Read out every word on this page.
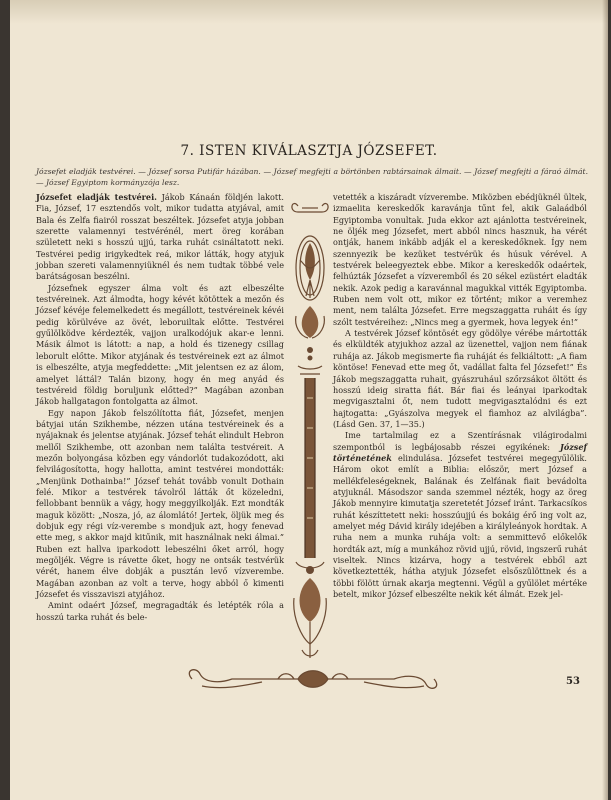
7. ISTEN KIVÁLASZTJA JÓZSEFET.
Józsefet eladják testvérei. — József sorsa Putifár házában. — József megfejti a börtönben rabtársainak álmait. — József megfejti a fáraó álmát. — József Egyiptom kormányzója lesz.

Józsefet eladják testvérei. Jákob Kánaán földjén lakott. Fia, József, 17 esztendős volt, mikor tudatta atyjával, amit Bala és Zelfa fiairól rosszat beszéltek. Józsefet atyja jobban szerette valamennyi testvérénél, mert öreg korában született neki s hosszú ujjú, tarka ruhát csináltatott neki. Testvérei pedig irigykedtek reá, mikor látták, hogy atyjuk jobban szereti valamennyiüknél és nem tudtak többé vele barátságosan beszélni.

Józsefnek egyszer álma volt és azt elbeszélte testvéreinek. Azt álmodta, hogy kévét kötöttek a mezőn és József kévéje felemelkedett és megállott, testvéreinek kévéi pedig körülvéve az övét, leboruiltak előtte. Testvérei gyűlölködve kérdezték, vajjon uralkodójuk akar-e lenni. Másik álmot is látott: a nap, a hold és tizenegy csillag leborult előtte. Mikor atyjának és testvéreinek ezt az álmot is elbeszélte, atyja megfeddette: „Mit jelentsen ez az álom, amelyet láttál? Talán bizony, hogy én meg anyád és testvéreid földig boruljunk előtted?” Magában azonban Jákob hallgatagon fontolgatta az álmot.

Egy napon Jákob felszólította fiát, Józsefet, menjen bátyjai után Szikhembe, nézzen utána testvéreinek és a nyájaknak és jelentse atyjának. József tehát elindult Hebron mellől Szikhembe, ott azonban nem találta testvéreit. A mezőn bolyongása közben egy vándorlót tudakozódott, aki felvilágosította, hogy hallotta, amint testvérei mondották: „Menjünk Dothainba!” József tehát tovább vonult Dothain felé. Mikor a testvérek távolról látták őt közeledni, fellobbant bennük a vágy, hogy meggyilkolják. Ezt mondták maguk között: „Nosza, jó, az álomlátó! Jertek, öljük meg és dobjuk egy régi víz-verembe s mondjuk azt, hogy fenevad ette meg, s akkor majd kitűnik, mit használnak neki álmai.” Ruben ezt hallva iparkodott lebeszélni őket arról, hogy megöljék. Végre is rávette őket, hogy ne ontsák testvérük vérét, hanem élve dobják a pusztán levő vízverembe. Magában azonban az volt a terve, hogy abból ő kimenti Józsefet és visszaviszi atyjához.

Amint odaért József, megragadták és letépték róla a hosszú tarka ruhát és bele-

vetették a kiszáradt vízverembe. Miközben ebédjüknél ültek, izmaelita kereskedők karavánja tűnt fel, akik Galaádból Egyiptomba vonultak. Juda ekkor azt ajánlotta testvéreinek, ne öljék meg Józsefet, mert abból nincs hasznuk, ha vérét ontják, hanem inkább adják el a kereskedőknek. Így nem szennyezik be kezüket testvérük és húsuk vérével. A testvérek beleegyeztek ebbe. Mikor a kereskedők odaértek, felhúzták Józsefet a vízveremből és 20 sékel ezüstért eladták nekik. Azok pedig a karavánnal magukkal vitték Egyiptomba. Ruben nem volt ott, mikor ez történt; mikor a veremhez ment, nem találta Józsefet. Erre megszaggatta ruháit és így szólt testvéreihez: „Nincs meg a gyermek, hova legyek én!”

A testvérek József köntösét egy gödölye vérébe mártották és elküldték atyjukhoz azzal az üzenettel, vajjon nem fiának ruhája az. Jákob megismerte fia ruháját és felkiáltott: „A fiam köntöse! Fenevad ette meg őt, vadállat falta fel Józsefet!” És Jákob megszaggatta ruhait, gyászruhául szőrzsákot öltött és hosszú ideig siratta fiát. Bár fiai és leányai iparkodtak megvigasztalni őt, nem tudott megvigasztalódni és ezt hajtogatta: „Gyászolva megyek el fiamhoz az alvilágba”. (Lásd Gen. 37, 1—35.)

Ime tartalmilag ez a Szentírásnak világirodalmi szempontból is legbájosabb részei egyikének: József történetének elindulása. Józsefet testvérei megegyűlölik. Három okot említ a Biblia: először, mert József a mellékfeleségeknek, Balának és Zelfának fiait bevádolta atyjuknál. Másodszor sanda szemmel nézték, hogy az öreg Jákob mennyire kimutatja szeretetét József iránt. Tarkacsíkos ruhát készíttetett neki: hosszúujjú és bokáig érő ing volt az, amelyet még Dávid király idejében a királyleányok hordtak. A ruha nem a munka ruhája volt: a semmittevő előkelők hordták azt, míg a munkához rövid ujjú, rövid, ingszerű ruhát viseltek. Nincs kizárva, hogy a testvérek ebből azt következtették, hátha atyjuk Józsefet elsőszülöttnek és a többi fölött úrnak akarja megtenni. Végül a gyűlölet mértéke betelt, mikor József elbeszélte nekik két álmát. Ezek jel-

53
